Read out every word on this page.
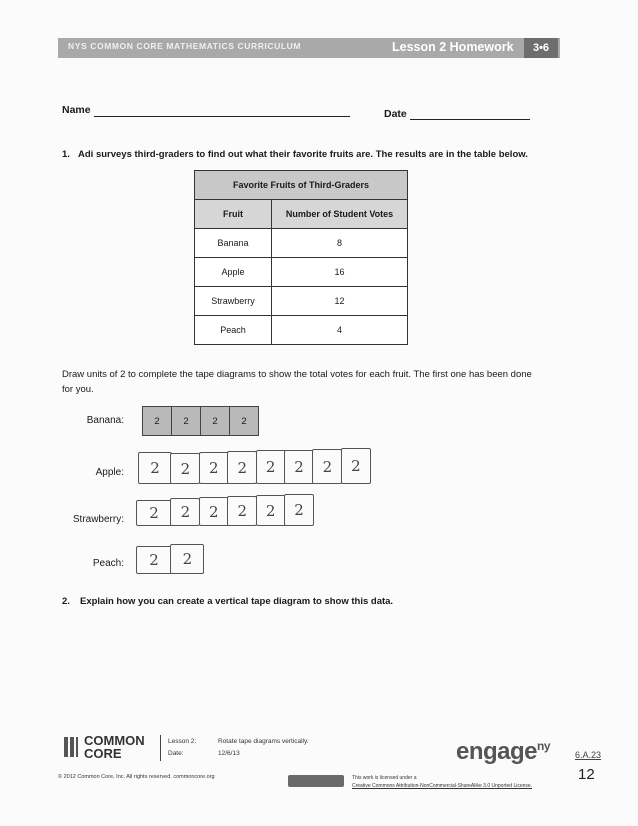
NYS COMMON CORE MATHEMATICS CURRICULUM	Lesson 2 Homework	3•6
Name	Date
1. Adi surveys third-graders to find out what their favorite fruits are. The results are in the table below.
Favorite Fruits of Third-Graders	
Fruit	Number of Student Votes
Banana	8
Apple	16
Strawberry	12
Peach	4
Draw units of 2 to complete the tape diagrams to show the total votes for each fruit. The first one has been done for you.
Banana:	2	2	2	2
Apple:	2	2	2	2	2	2	2	2
Strawberry:	2	2	2	2	2	2
Peach:	2	2
2. Explain how you can create a vertical tape diagram to show this data.
COMMON
CORE
Lesson 2:	Rotate tape diagrams vertically.
Date:	12/6/13
© 2012 Common Core, Inc. All rights reserved. commoncore.org	This work is licensed under a
Creative Commons Attribution-NonCommercial-ShareAlike 3.0 Unported License.
engage$^{ny}$
6.A.23
12
